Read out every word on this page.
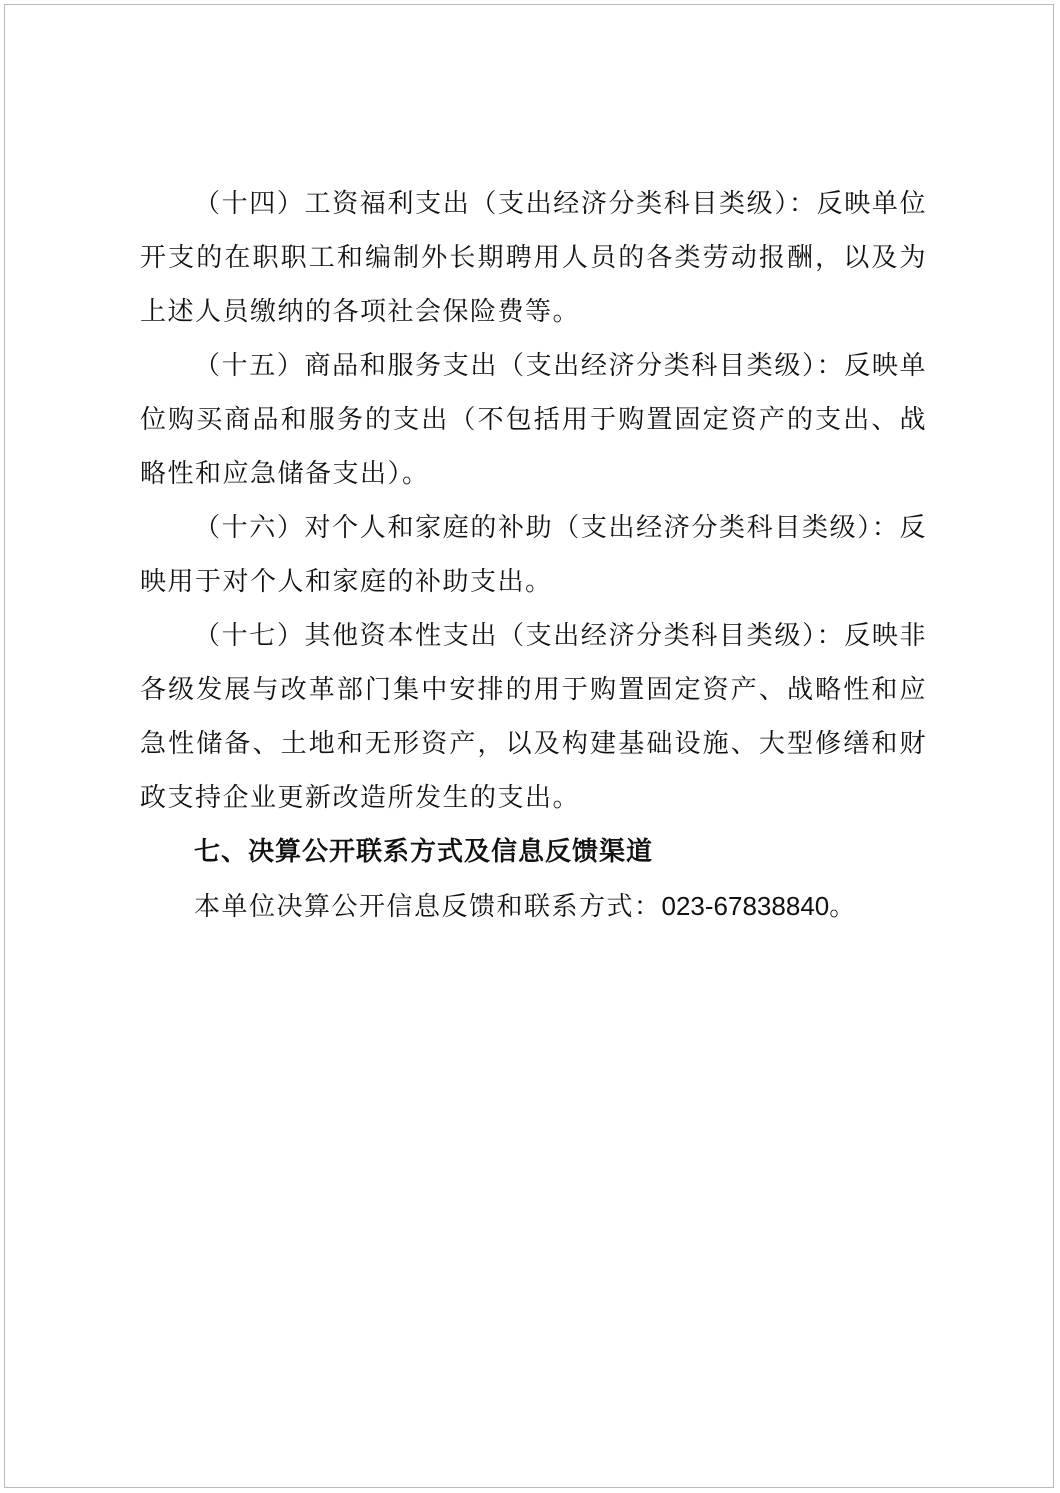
（十四）工资福利支出（支出经济分类科目类级）：反映单位开支的在职职工和编制外长期聘用人员的各类劳动报酬，以及为上述人员缴纳的各项社会保险费等。

（十五）商品和服务支出（支出经济分类科目类级）：反映单位购买商品和服务的支出（不包括用于购置固定资产的支出、战略性和应急储备支出）。

（十六）对个人和家庭的补助（支出经济分类科目类级）：反映用于对个人和家庭的补助支出。

（十七）其他资本性支出（支出经济分类科目类级）：反映非各级发展与改革部门集中安排的用于购置固定资产、战略性和应急性储备、土地和无形资产，以及构建基础设施、大型修缮和财政支持企业更新改造所发生的支出。

七、决算公开联系方式及信息反馈渠道

本单位决算公开信息反馈和联系方式：023-67838840。
